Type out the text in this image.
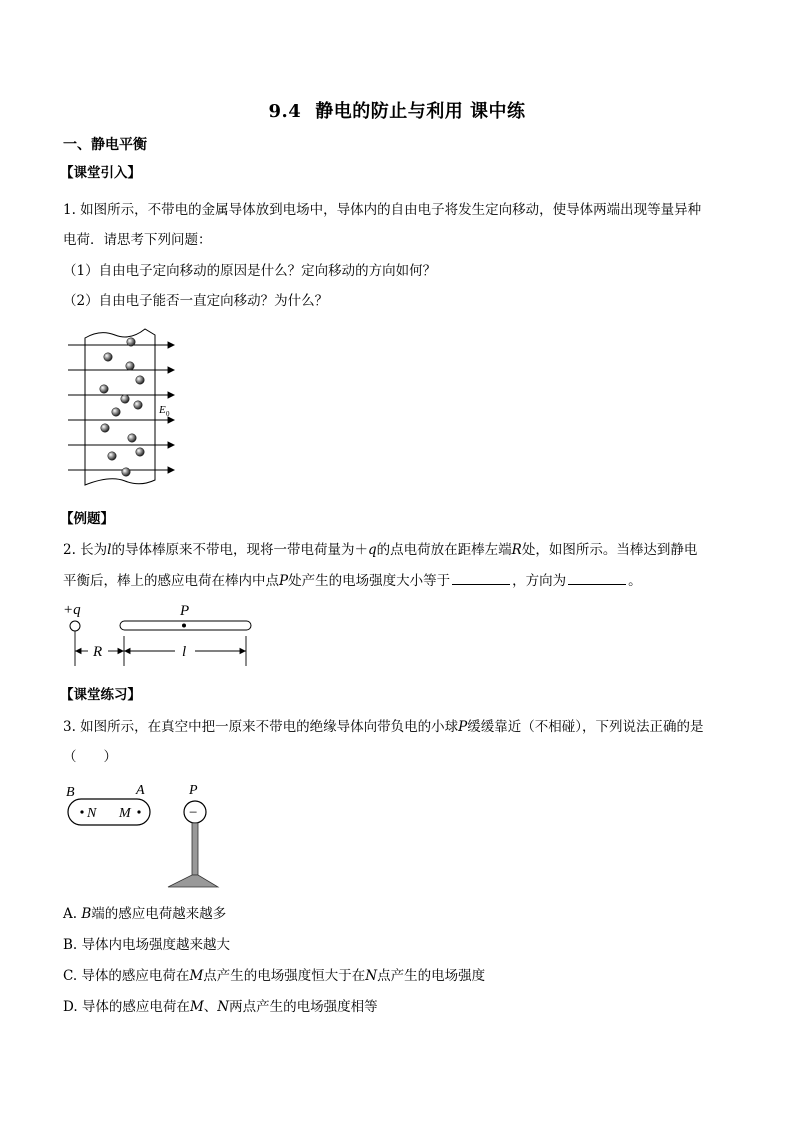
9.4 静电的防止与利用 课中练
一、静电平衡
【课堂引入】
1. 如图所示，不带电的金属导体放到电场中，导体内的自由电子将发生定向移动，使导体两端出现等量异种
电荷．请思考下列问题：
（1）自由电子定向移动的原因是什么？定向移动的方向如何？
（2）自由电子能否一直定向移动？为什么？
E 0
【例题】
2. 长为l的导体棒原来不带电，现将一带电荷量为＋q的点电荷放在距棒左端R处，如图所示。当棒达到静电
平衡后，棒上的感应电荷在棒内中点P处产生的电场强度大小等于	，方向为	。
+q	P
R	l
【课堂练习】
3. 如图所示，在真空中把一原来不带电的绝缘导体向带负电的小球P缓缓靠近（不相碰），下列说法正确的是
（　　）
B	A
N M
P
−
A. B端的感应电荷越来越多
B. 导体内电场强度越来越大
C. 导体的感应电荷在M点产生的电场强度恒大于在N点产生的电场强度
D. 导体的感应电荷在M、N两点产生的电场强度相等
